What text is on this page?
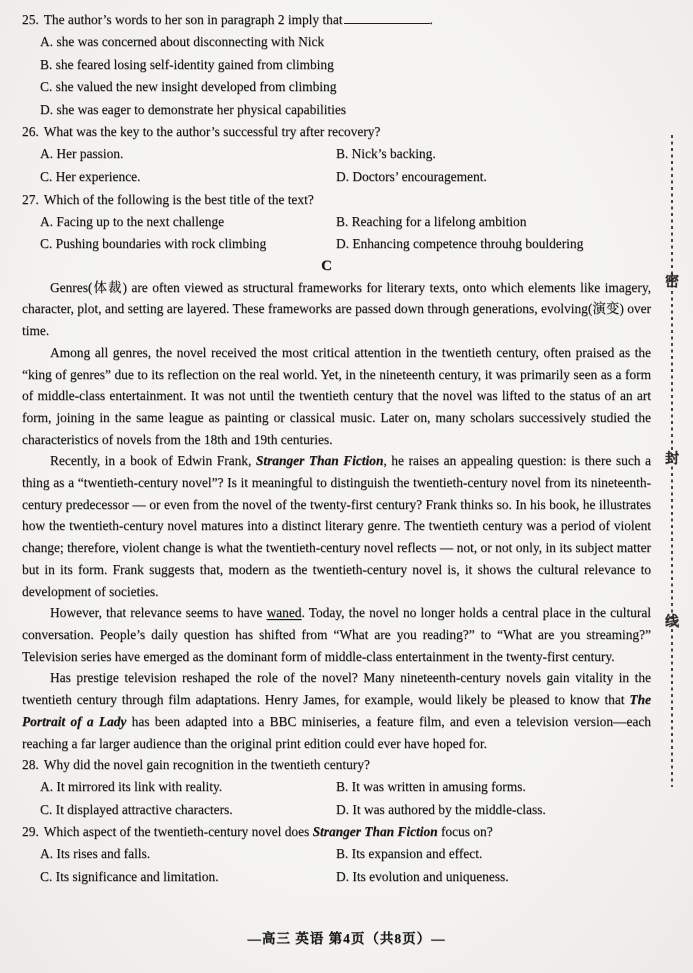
25. The author’s words to her son in paragraph 2 imply that	.
A. she was concerned about disconnecting with Nick
B. she feared losing self-identity gained from climbing
C. she valued the new insight developed from climbing
D. she was eager to demonstrate her physical capabilities
26. What was the key to the author’s successful try after recovery?
A. Her passion.	B. Nick’s backing.
C. Her experience.	D. Doctors’ encouragement.
27. Which of the following is the best title of the text?
A. Facing up to the next challenge	B. Reaching for a lifelong ambition
C. Pushing boundaries with rock climbing	D. Enhancing competence throuhg bouldering
C

Genres(体裁) are often viewed as structural frameworks for literary texts, onto which elements like imagery, character, plot, and setting are layered. These frameworks are passed down through generations, evolving(演变) over time.

Among all genres, the novel received the most critical attention in the twentieth century, often praised as the “king of genres” due to its reflection on the real world. Yet, in the nineteenth century, it was primarily seen as a form of middle-class entertainment. It was not until the twentieth century that the novel was lifted to the status of an art form, joining in the same league as painting or classical music. Later on, many scholars successively studied the characteristics of novels from the 18th and 19th centuries.

Recently, in a book of Edwin Frank, Stranger Than Fiction, he raises an appealing question: is there such a thing as a “twentieth-century novel”? Is it meaningful to distinguish the twentieth-century novel from its nineteenth-century predecessor — or even from the novel of the twenty-first century? Frank thinks so. In his book, he illustrates how the twentieth-century novel matures into a distinct literary genre. The twentieth century was a period of violent change; therefore, violent change is what the twentieth-century novel reflects — not, or not only, in its subject matter but in its form. Frank suggests that, modern as the twentieth-century novel is, it shows the cultural relevance to development of societies.

However, that relevance seems to have waned. Today, the novel no longer holds a central place in the cultural conversation. People’s daily question has shifted from “What are you reading?” to “What are you streaming?” Television series have emerged as the dominant form of middle-class entertainment in the twenty-first century.

Has prestige television reshaped the role of the novel? Many nineteenth-century novels gain vitality in the twentieth century through film adaptations. Henry James, for example, would likely be pleased to know that The Portrait of a Lady has been adapted into a BBC miniseries, a feature film, and even a television version—each reaching a far larger audience than the original print edition could ever have hoped for.

28. Why did the novel gain recognition in the twentieth century?
A. It mirrored its link with reality.	B. It was written in amusing forms.
C. It displayed attractive characters.	D. It was authored by the middle-class.
29. Which aspect of the twentieth-century novel does Stranger Than Fiction focus on?
A. Its rises and falls.	B. Its expansion and effect.
C. Its significance and limitation.	D. Its evolution and uniqueness.
密
封
线
—高三 英语 第4页（共8页）—
